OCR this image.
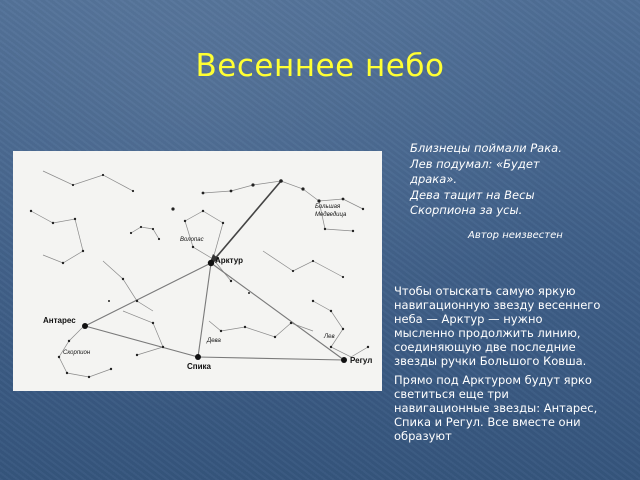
Весеннее небо
Арктур
Антарес
Спика
Регул
Волопас
Большая Медведица
Дева
Лев
Скорпион
Близнецы поймали Рака.
Лев подумал: «Будет
драка».
Дева тащит на Весы
Скорпиона за усы.
Автор неизвестен
Чтобы отыскать самую яркую навигационную звезду весеннего неба — Арктур — нужно мысленно продолжить линию, соединяющую две последние звезды ручки Большого Ковша.
Прямо под Арктуром будут ярко светиться еще три навигационные звезды: Антарес, Спика и Регул. Все вместе они образуют
